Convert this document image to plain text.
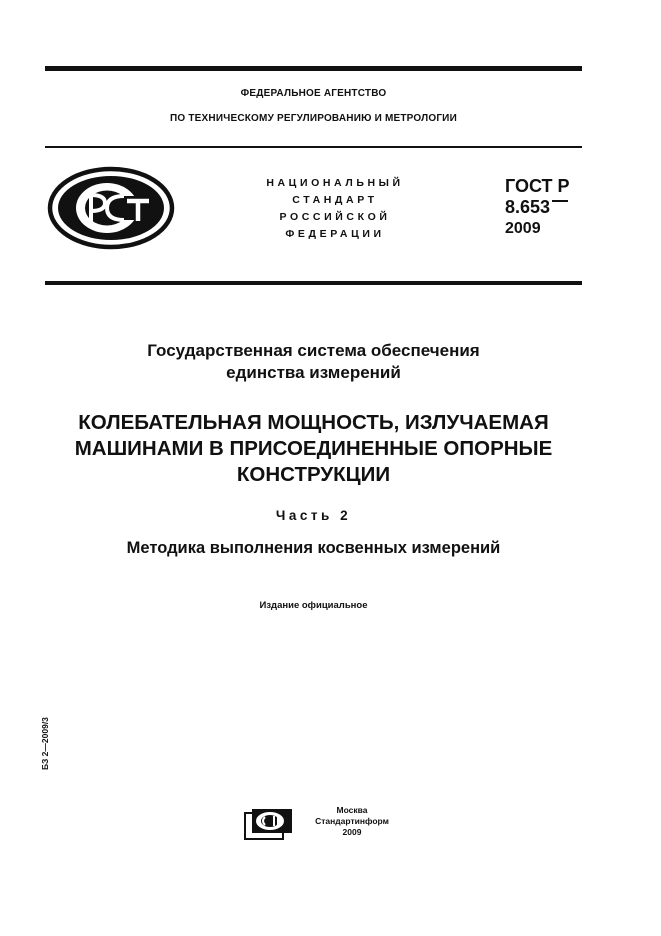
ФЕДЕРАЛЬНОЕ АГЕНТСТВО
ПО ТЕХНИЧЕСКОМУ РЕГУЛИРОВАНИЮ И МЕТРОЛОГИИ
НАЦИОНАЛЬНЫЙ
СТАНДАРТ
РОССИЙСКОЙ
ФЕДЕРАЦИИ
ГОСТ Р
8.653
2009
Государственная система обеспечения
единства измерений
КОЛЕБАТЕЛЬНАЯ МОЩНОСТЬ, ИЗЛУЧАЕМАЯ
МАШИНАМИ В ПРИСОЕДИНЕННЫЕ ОПОРНЫЕ
КОНСТРУКЦИИ
Часть 2
Методика выполнения косвенных измерений
Издание официальное
БЗ 2—2009/3
Москва
Стандартинформ
2009
